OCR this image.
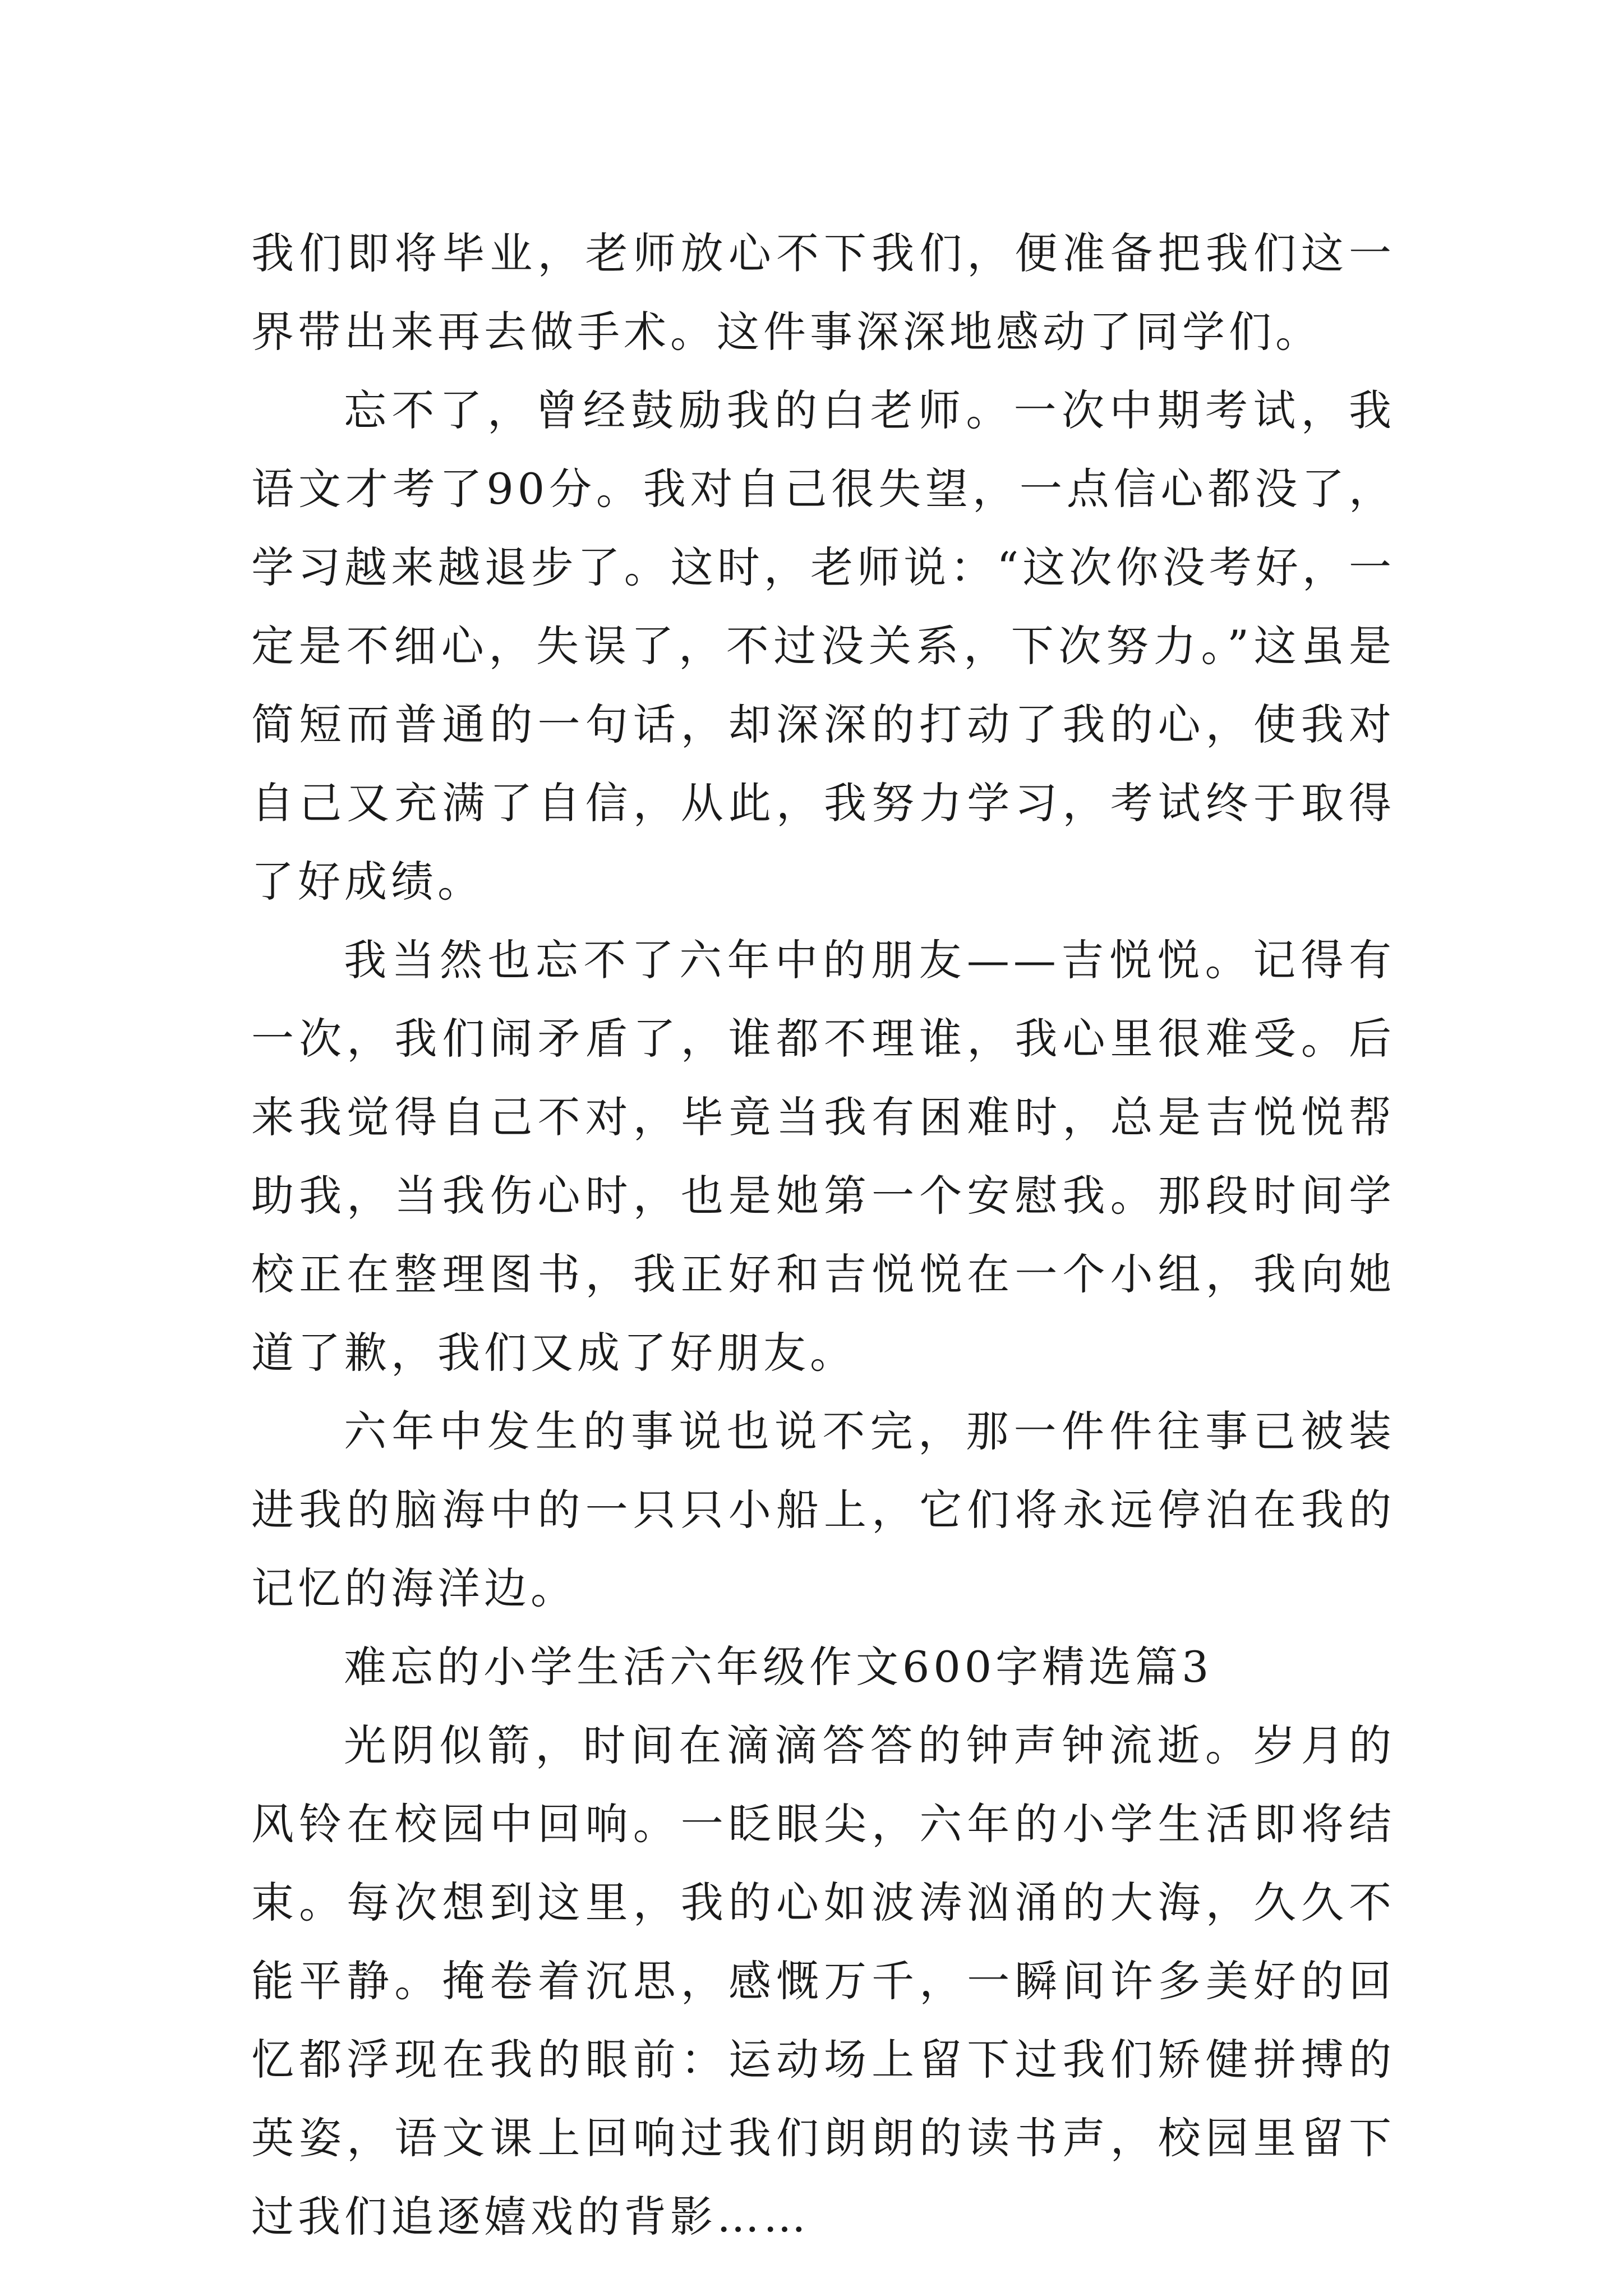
我们即将毕业，老师放心不下我们，便准备把我们这一界带出来再去做手术。这件事深深地感动了同学们。

忘不了，曾经鼓励我的白老师。一次中期考试，我语文才考了90分。我对自己很失望，一点信心都没了，学习越来越退步了。这时，老师说：“这次你没考好，一定是不细心，失误了，不过没关系，下次努力。”这虽是简短而普通的一句话，却深深的打动了我的心，使我对自己又充满了自信，从此，我努力学习，考试终于取得了好成绩。

我当然也忘不了六年中的朋友——吉悦悦。记得有一次，我们闹矛盾了，谁都不理谁，我心里很难受。后来我觉得自己不对，毕竟当我有困难时，总是吉悦悦帮助我，当我伤心时，也是她第一个安慰我。那段时间学校正在整理图书，我正好和吉悦悦在一个小组，我向她道了歉，我们又成了好朋友。

六年中发生的事说也说不完，那一件件往事已被装进我的脑海中的一只只小船上，它们将永远停泊在我的记忆的海洋边。

难忘的小学生活六年级作文600字精选篇3

光阴似箭，时间在滴滴答答的钟声钟流逝。岁月的风铃在校园中回响。一眨眼尖，六年的小学生活即将结束。每次想到这里，我的心如波涛汹涌的大海，久久不能平静。掩卷着沉思，感慨万千，一瞬间许多美好的回忆都浮现在我的眼前：运动场上留下过我们矫健拼搏的英姿，语文课上回响过我们朗朗的读书声，校园里留下过我们追逐嬉戏的背影……
